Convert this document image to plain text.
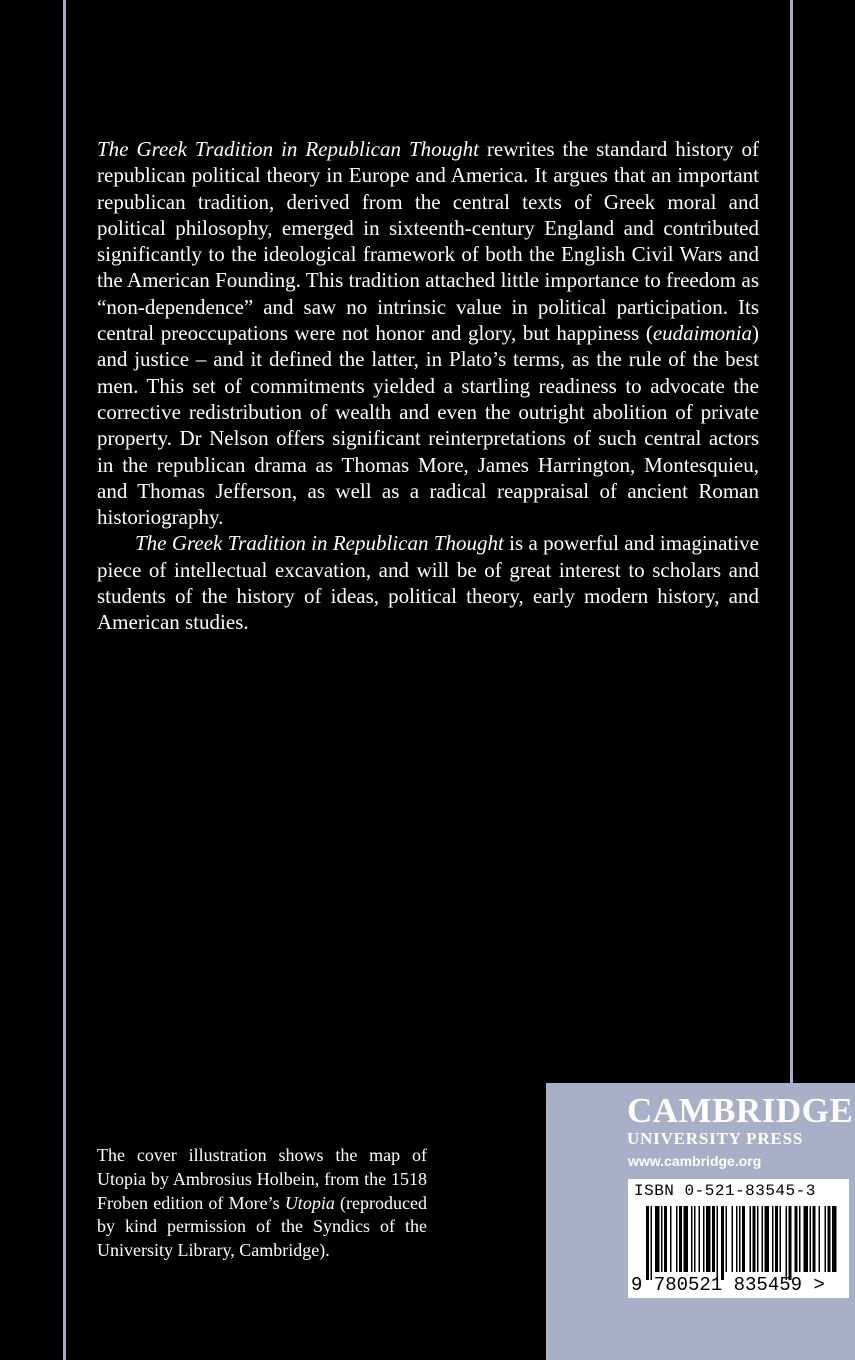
The Greek Tradition in Republican Thought rewrites the standard history of republican political theory in Europe and America. It argues that an important republican tradition, derived from the central texts of Greek moral and political philosophy, emerged in sixteenth-century England and contributed significantly to the ideological framework of both the English Civil Wars and the American Founding. This tradition attached little importance to freedom as “non-dependence” and saw no intrinsic value in political participation. Its central preoccupations were not honor and glory, but happiness (eudaimonia) and justice – and it defined the latter, in Plato’s terms, as the rule of the best men. This set of commitments yielded a startling readiness to advocate the corrective redistribution of wealth and even the outright abolition of private property. Dr Nelson offers significant reinterpretations of such central actors in the republican drama as Thomas More, James Harrington, Montesquieu, and Thomas Jefferson, as well as a radical reappraisal of ancient Roman historiography.

The Greek Tradition in Republican Thought is a powerful and imaginative piece of intellectual excavation, and will be of great interest to scholars and students of the history of ideas, political theory, early modern history, and American studies.

The cover illustration shows the map of Utopia by Ambrosius Holbein, from the 1518 Froben edition of More’s Utopia (reproduced by kind permission of the Syndics of the University Library, Cambridge).
CAMBRIDGE
UNIVERSITY PRESS
www.cambridge.org
ISBN 0-521-83545-3
9 780521 835459 >
